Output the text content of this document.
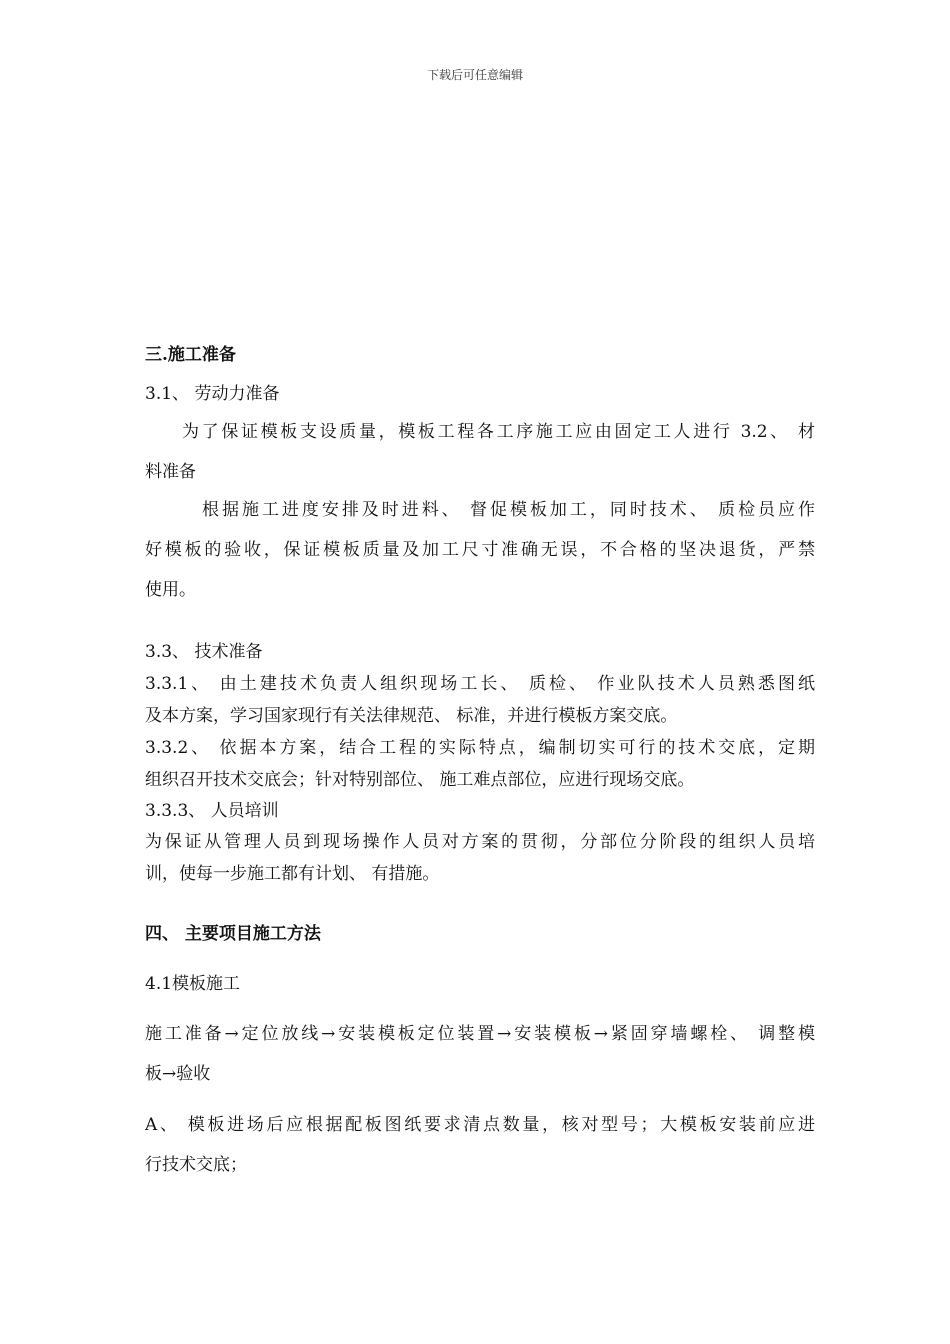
下载后可任意编辑
三.施工准备
3.1、 劳动力准备
为了保证模板支设质量，模板工程各工序施工应由固定工人进行 3.2、 材
料准备
根据施工进度安排及时进料、 督促模板加工，同时技术、 质检员应作
好模板的验收，保证模板质量及加工尺寸准确无误，不合格的坚决退货，严禁
使用。
3.3、 技术准备
3.3.1、 由土建技术负责人组织现场工长、 质检、 作业队技术人员熟悉图纸
及本方案，学习国家现行有关法律规范、 标准，并进行模板方案交底。
3.3.2、 依据本方案，结合工程的实际特点，编制切实可行的技术交底，定期
组织召开技术交底会；针对特别部位、 施工难点部位，应进行现场交底。
3.3.3、 人员培训
为保证从管理人员到现场操作人员对方案的贯彻，分部位分阶段的组织人员培
训，使每一步施工都有计划、 有措施。
四、 主要项目施工方法
4.1模板施工
施工准备→定位放线→安装模板定位装置→安装模板→紧固穿墙螺栓、 调整模
板→验收
A、 模板进场后应根据配板图纸要求清点数量，核对型号；大模板安装前应进
行技术交底；
